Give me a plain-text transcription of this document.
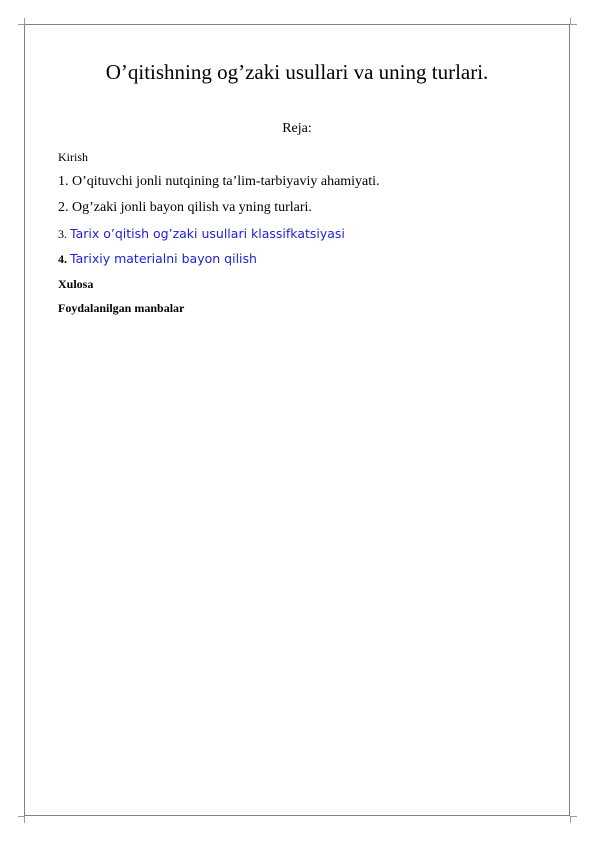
O’qitishning og’zaki usullari va uning turlari.
Reja:
Kirish
1. O’qituvchi jonli nutqining ta’lim-tarbiyaviy ahamiyati.
2. Og’zaki jonli bayon qilish va yning turlari.
3. Tarix o’qitish og’zaki usullari klassifkatsiyasi
4. Tarixiy materialni bayon qilish
Xulosa
Foydalanilgan manbalar
